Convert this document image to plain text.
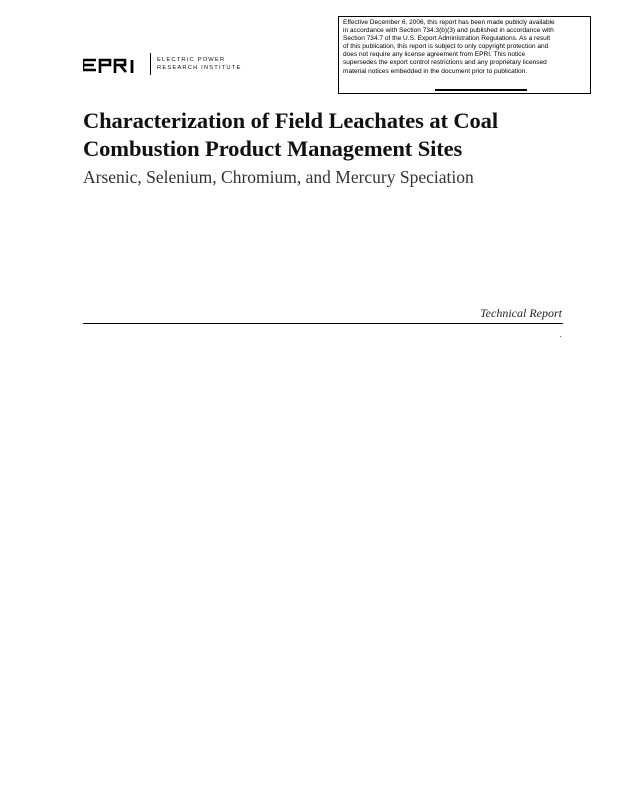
Effective December 6, 2006, this report has been made publicly available
in accordance with Section 734.3(b)(3) and published in accordance with
Section 734.7 of the U.S. Export Administration Regulations. As a result
of this publication, this report is subject to only copyright protection and
does not require any license agreement from EPRI. This notice
supersedes the export control restrictions and any proprietary licensed
material notices embedded in the document prior to publication.
ELECTRIC POWER
RESEARCH INSTITUTE
Characterization of Field Leachates at Coal
Combustion Product Management Sites
Arsenic, Selenium, Chromium, and Mercury Speciation
Technical Report
